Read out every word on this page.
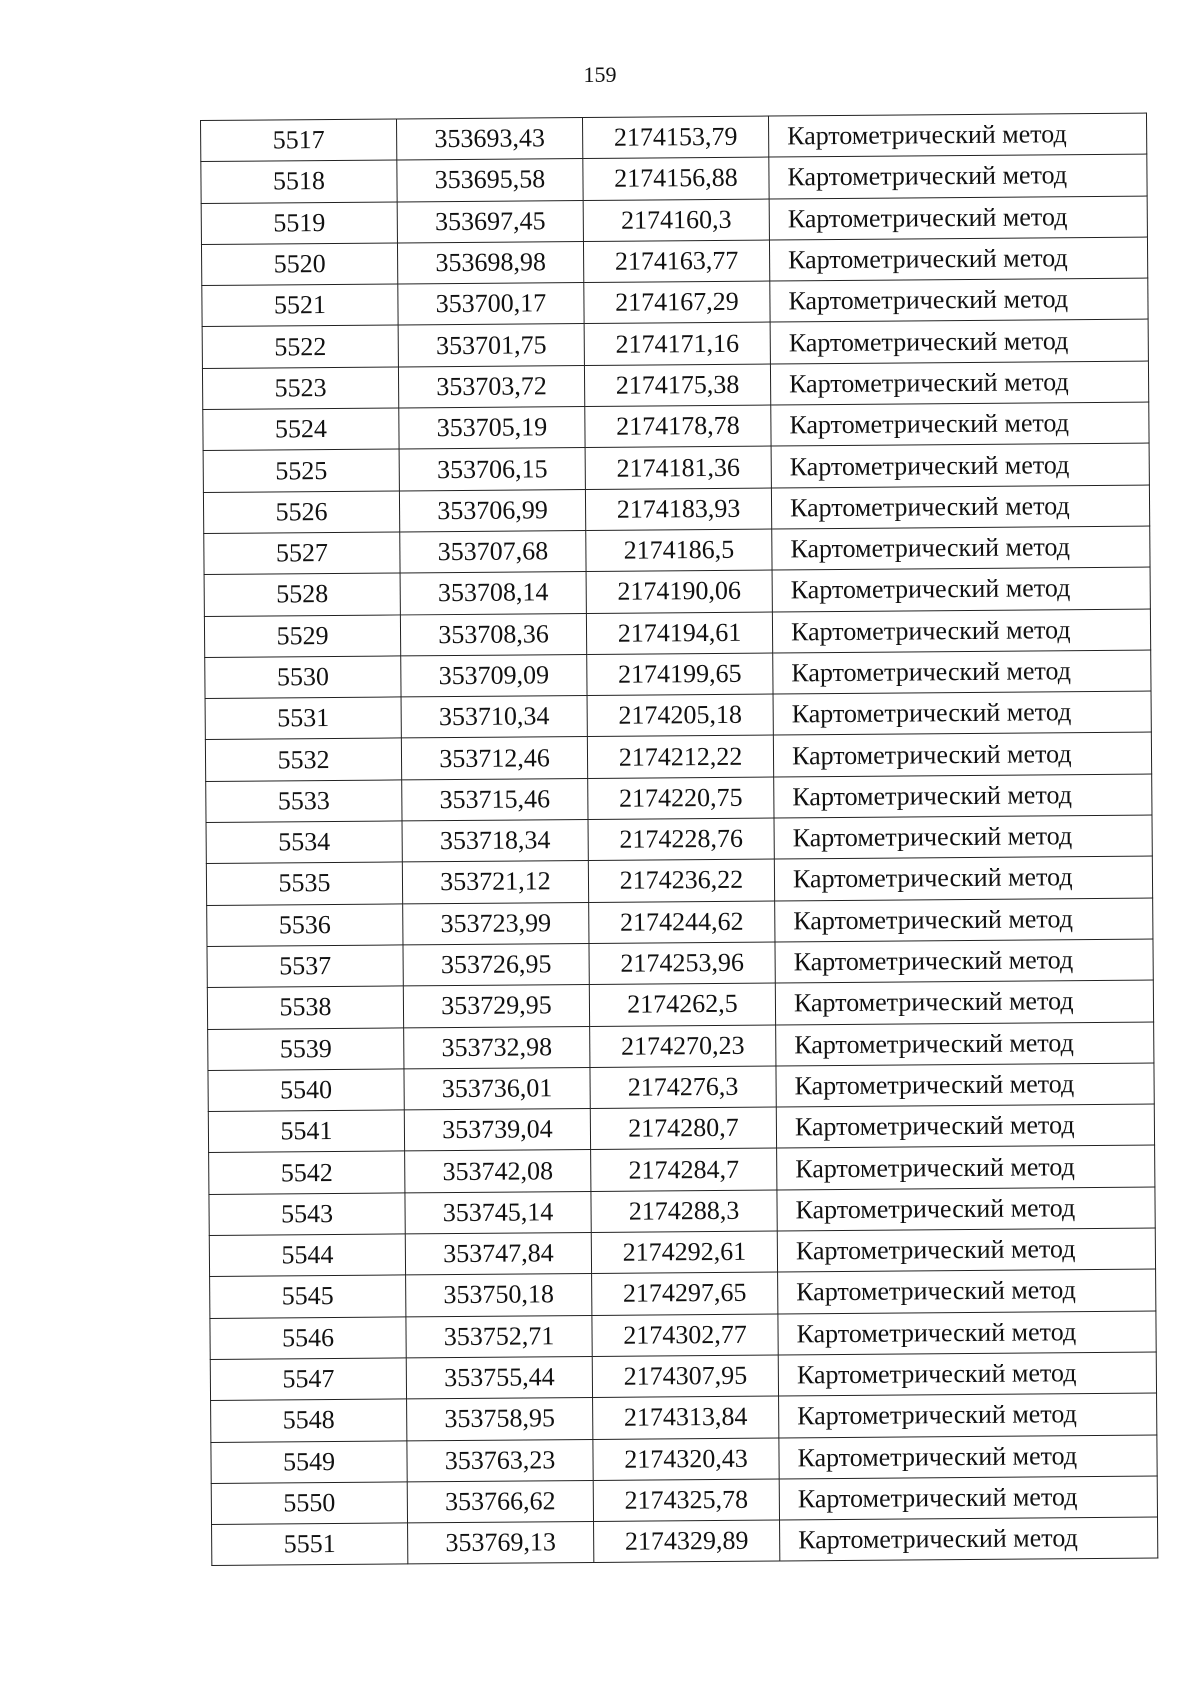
159
5517	353693,43	2174153,79	Картометрический метод
5518	353695,58	2174156,88	Картометрический метод
5519	353697,45	2174160,3	Картометрический метод
5520	353698,98	2174163,77	Картометрический метод
5521	353700,17	2174167,29	Картометрический метод
5522	353701,75	2174171,16	Картометрический метод
5523	353703,72	2174175,38	Картометрический метод
5524	353705,19	2174178,78	Картометрический метод
5525	353706,15	2174181,36	Картометрический метод
5526	353706,99	2174183,93	Картометрический метод
5527	353707,68	2174186,5	Картометрический метод
5528	353708,14	2174190,06	Картометрический метод
5529	353708,36	2174194,61	Картометрический метод
5530	353709,09	2174199,65	Картометрический метод
5531	353710,34	2174205,18	Картометрический метод
5532	353712,46	2174212,22	Картометрический метод
5533	353715,46	2174220,75	Картометрический метод
5534	353718,34	2174228,76	Картометрический метод
5535	353721,12	2174236,22	Картометрический метод
5536	353723,99	2174244,62	Картометрический метод
5537	353726,95	2174253,96	Картометрический метод
5538	353729,95	2174262,5	Картометрический метод
5539	353732,98	2174270,23	Картометрический метод
5540	353736,01	2174276,3	Картометрический метод
5541	353739,04	2174280,7	Картометрический метод
5542	353742,08	2174284,7	Картометрический метод
5543	353745,14	2174288,3	Картометрический метод
5544	353747,84	2174292,61	Картометрический метод
5545	353750,18	2174297,65	Картометрический метод
5546	353752,71	2174302,77	Картометрический метод
5547	353755,44	2174307,95	Картометрический метод
5548	353758,95	2174313,84	Картометрический метод
5549	353763,23	2174320,43	Картометрический метод
5550	353766,62	2174325,78	Картометрический метод
5551	353769,13	2174329,89	Картометрический метод
